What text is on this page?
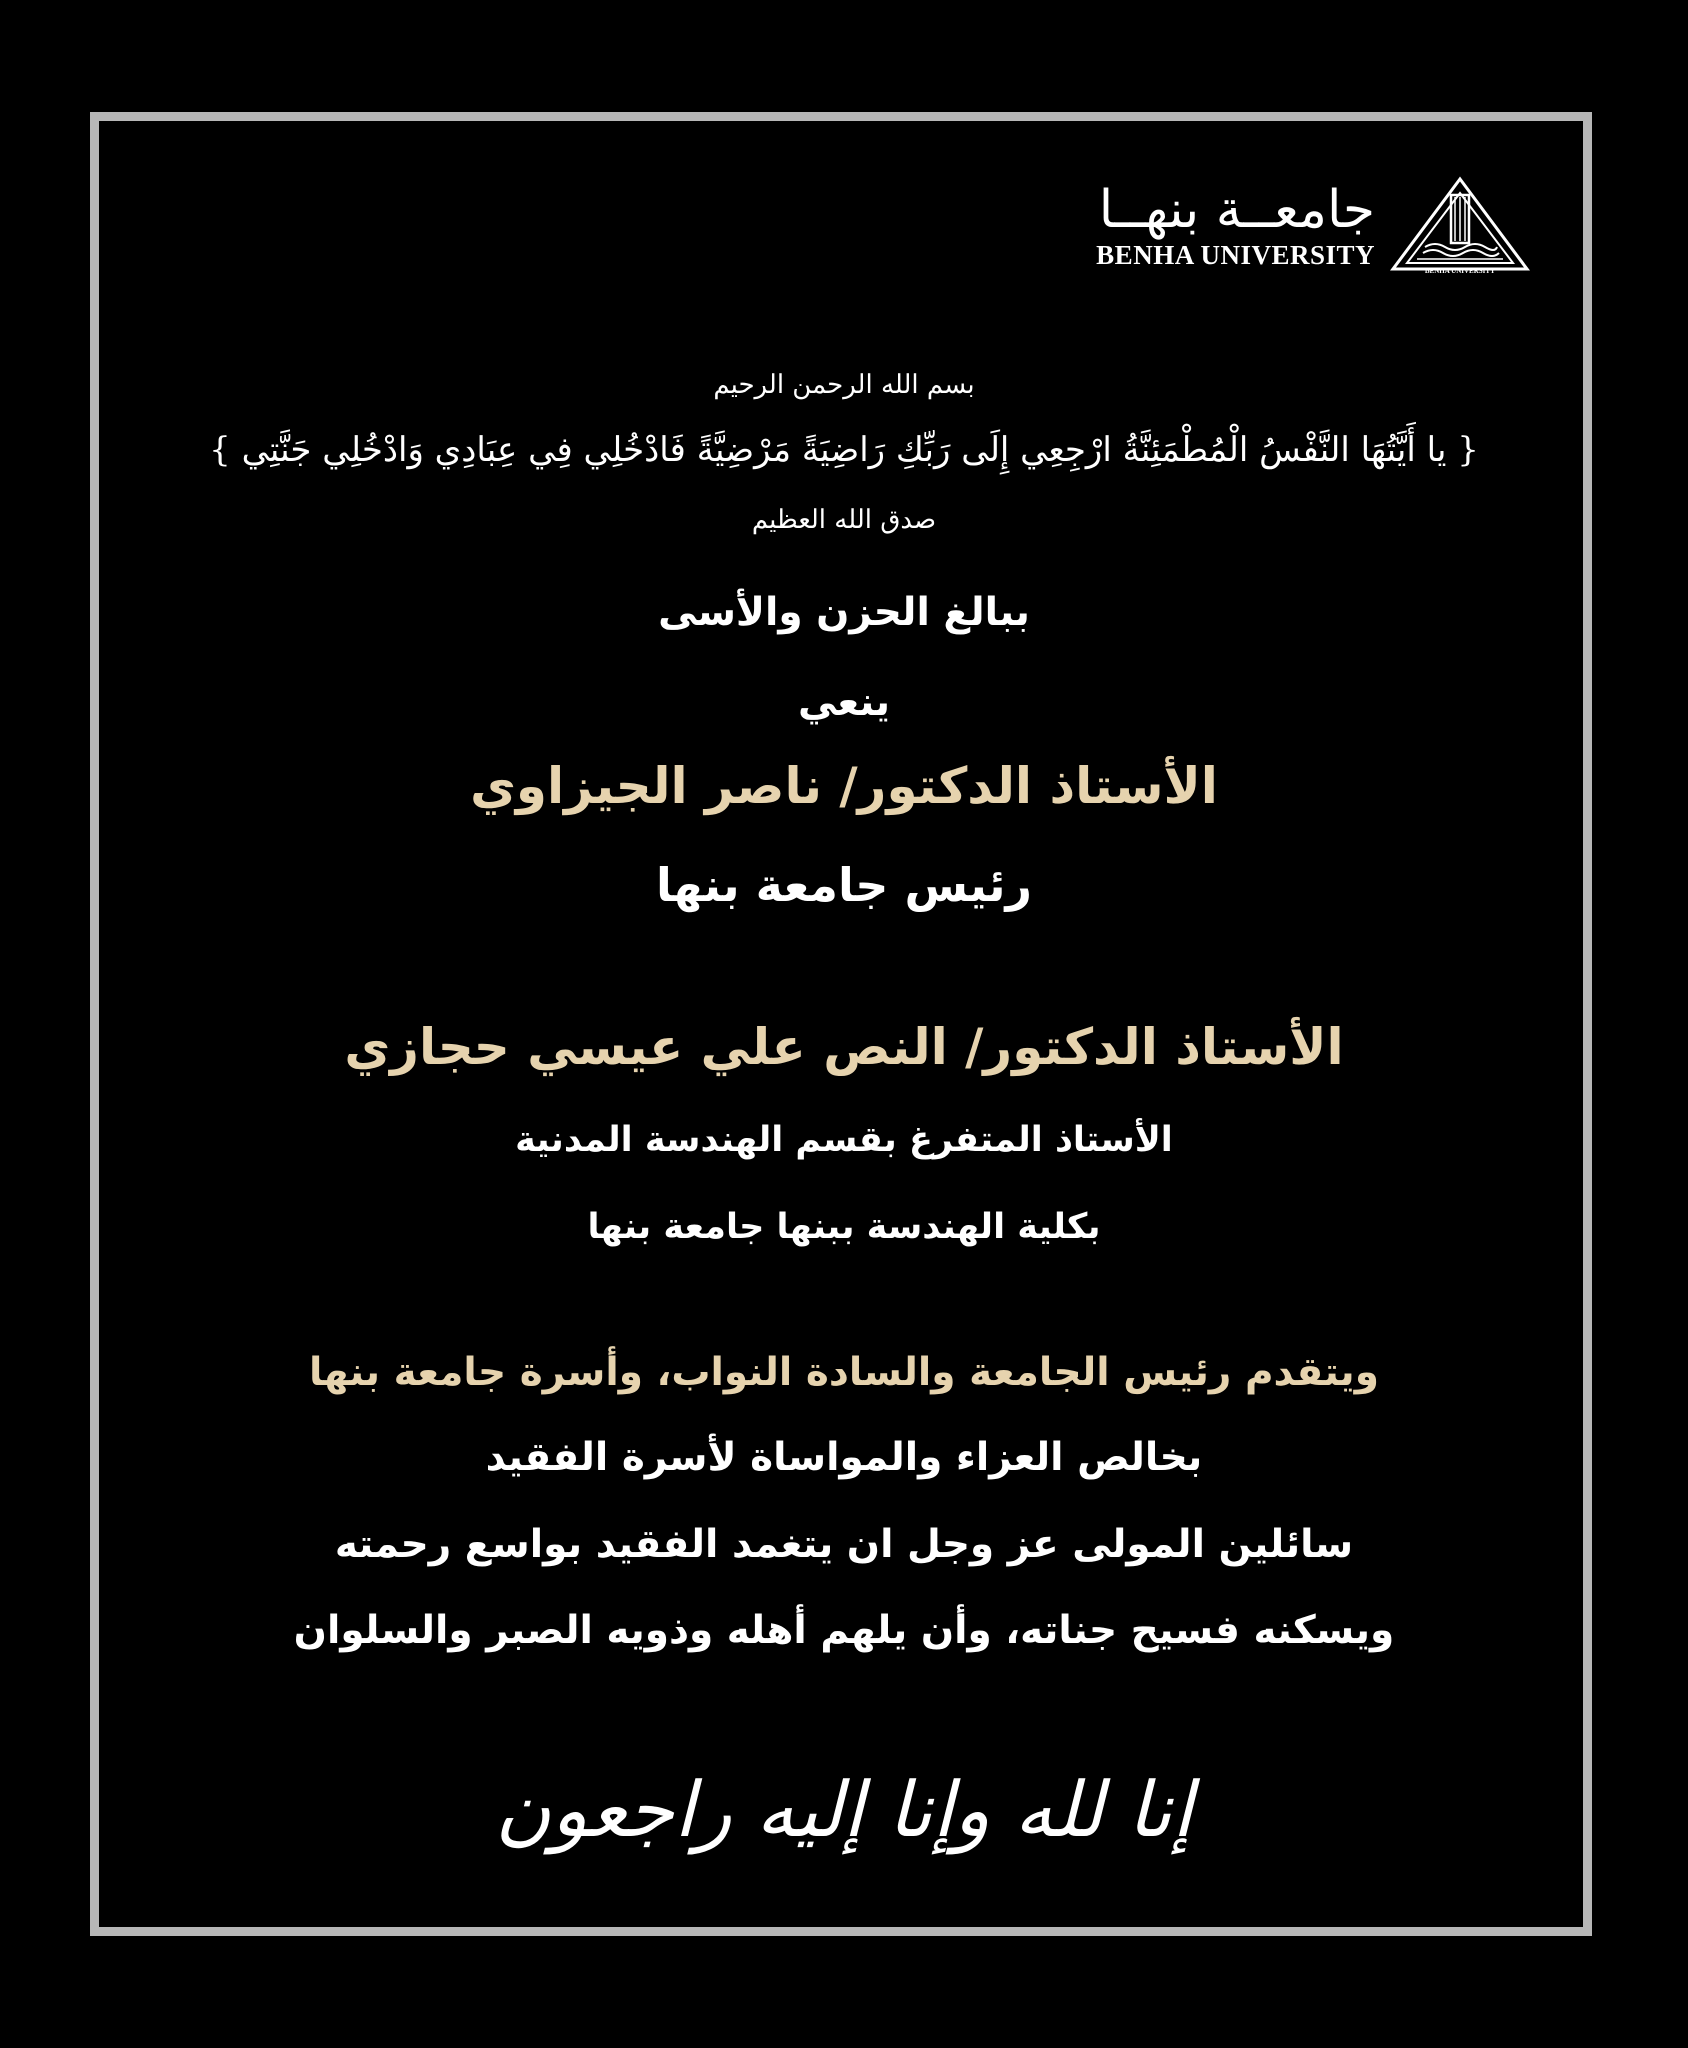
جامعــة بنهــا
BENHA UNIVERSITY
BENHA UNIVERSITY
بسم الله الرحمن الرحيم
{ يا أَيَّتُهَا النَّفْسُ الْمُطْمَئِنَّةُ ارْجِعِي إِلَى رَبِّكِ رَاضِيَةً مَرْضِيَّةً فَادْخُلِي فِي عِبَادِي وَادْخُلِي جَنَّتِي }
صدق الله العظيم
ببالغ الحزن والأسى
ينعي
الأستاذ الدكتور/ ناصر الجيزاوي
رئيس جامعة بنها
الأستاذ الدكتور/ النص علي عيسي حجازي
الأستاذ المتفرغ بقسم الهندسة المدنية
بكلية الهندسة ببنها جامعة بنها
ويتقدم رئيس الجامعة والسادة النواب، وأسرة جامعة بنها
بخالص العزاء والمواساة لأسرة الفقيد
سائلين المولى عز وجل ان يتغمد الفقيد بواسع رحمته
ويسكنه فسيح جناته، وأن يلهم أهله وذويه الصبر والسلوان
إنا لله وإنا إليه راجعون
